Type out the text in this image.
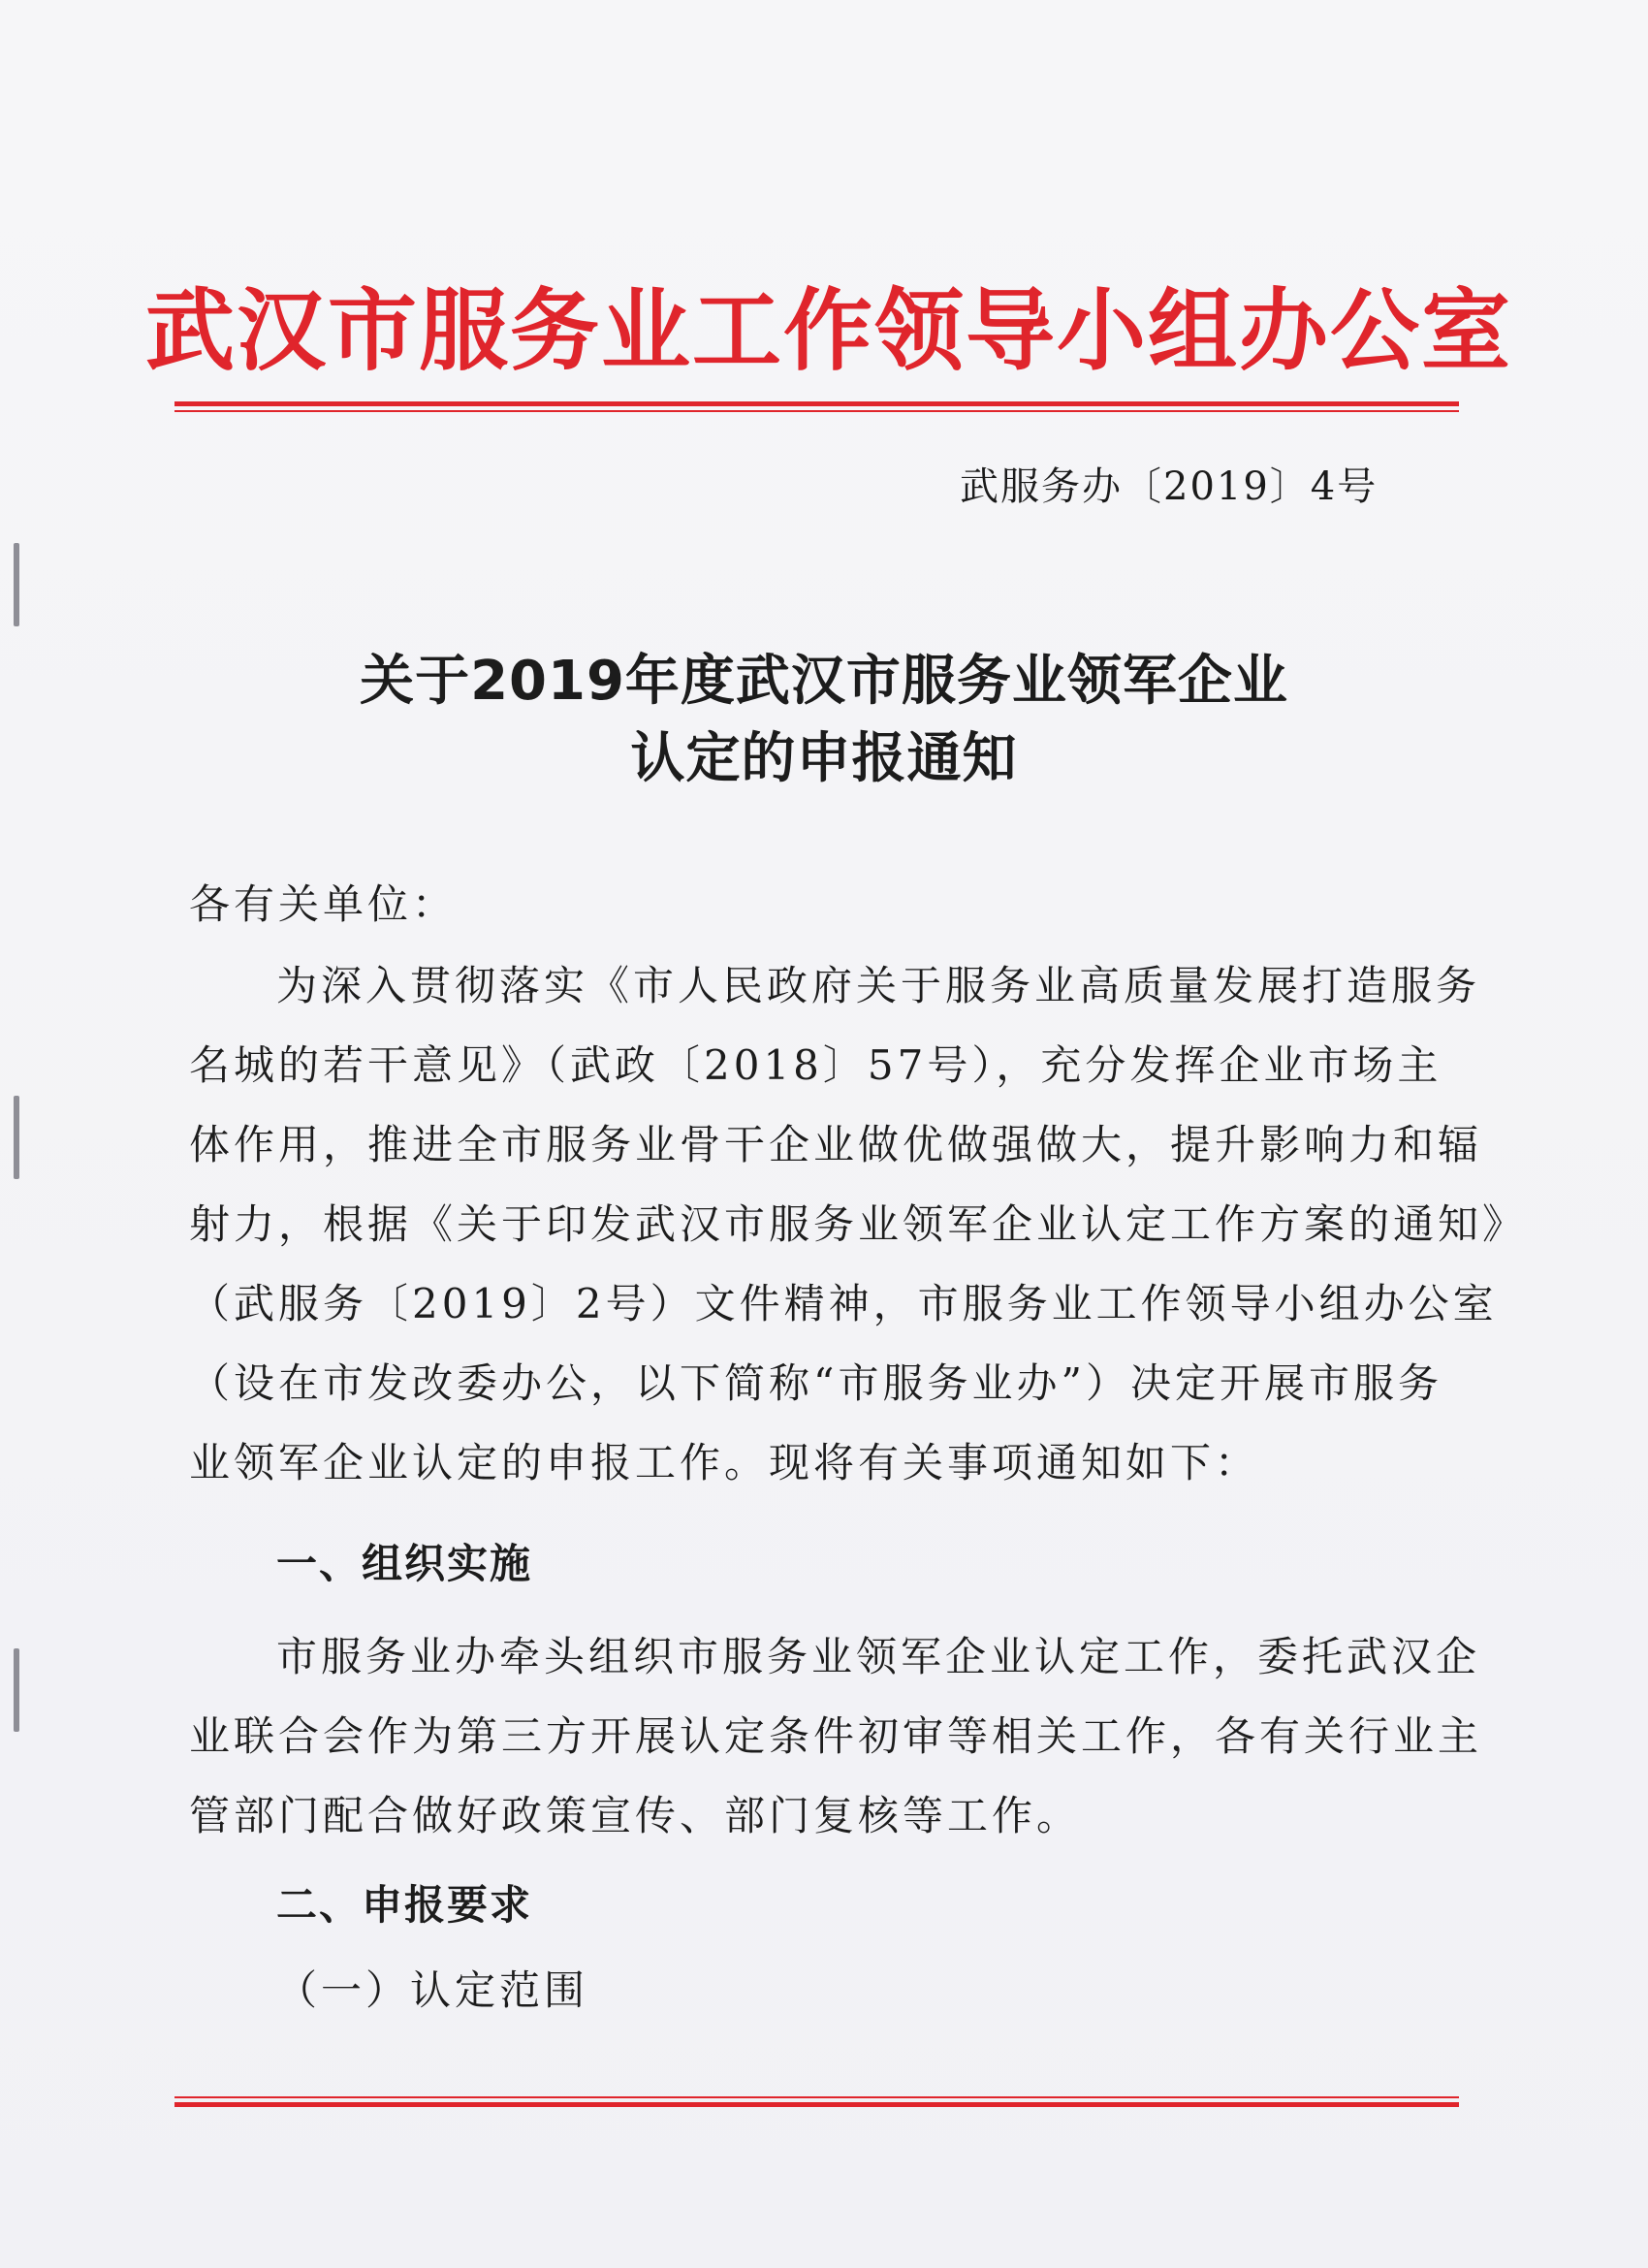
武汉市服务业工作领导小组办公室
武服务办〔2019〕4号
关于2019年度武汉市服务业领军企业
认定的申报通知
各有关单位：
为深入贯彻落实《市人民政府关于服务业高质量发展打造服务
名城的若干意见》（武政〔2018〕57号），充分发挥企业市场主
体作用，推进全市服务业骨干企业做优做强做大，提升影响力和辐
射力，根据《关于印发武汉市服务业领军企业认定工作方案的通知》
（武服务〔2019〕2号）文件精神，市服务业工作领导小组办公室
（设在市发改委办公，以下简称“市服务业办”）决定开展市服务
业领军企业认定的申报工作。现将有关事项通知如下：
一、组织实施
市服务业办牵头组织市服务业领军企业认定工作，委托武汉企
业联合会作为第三方开展认定条件初审等相关工作，各有关行业主
管部门配合做好政策宣传、部门复核等工作。
二、申报要求
（一）认定范围
